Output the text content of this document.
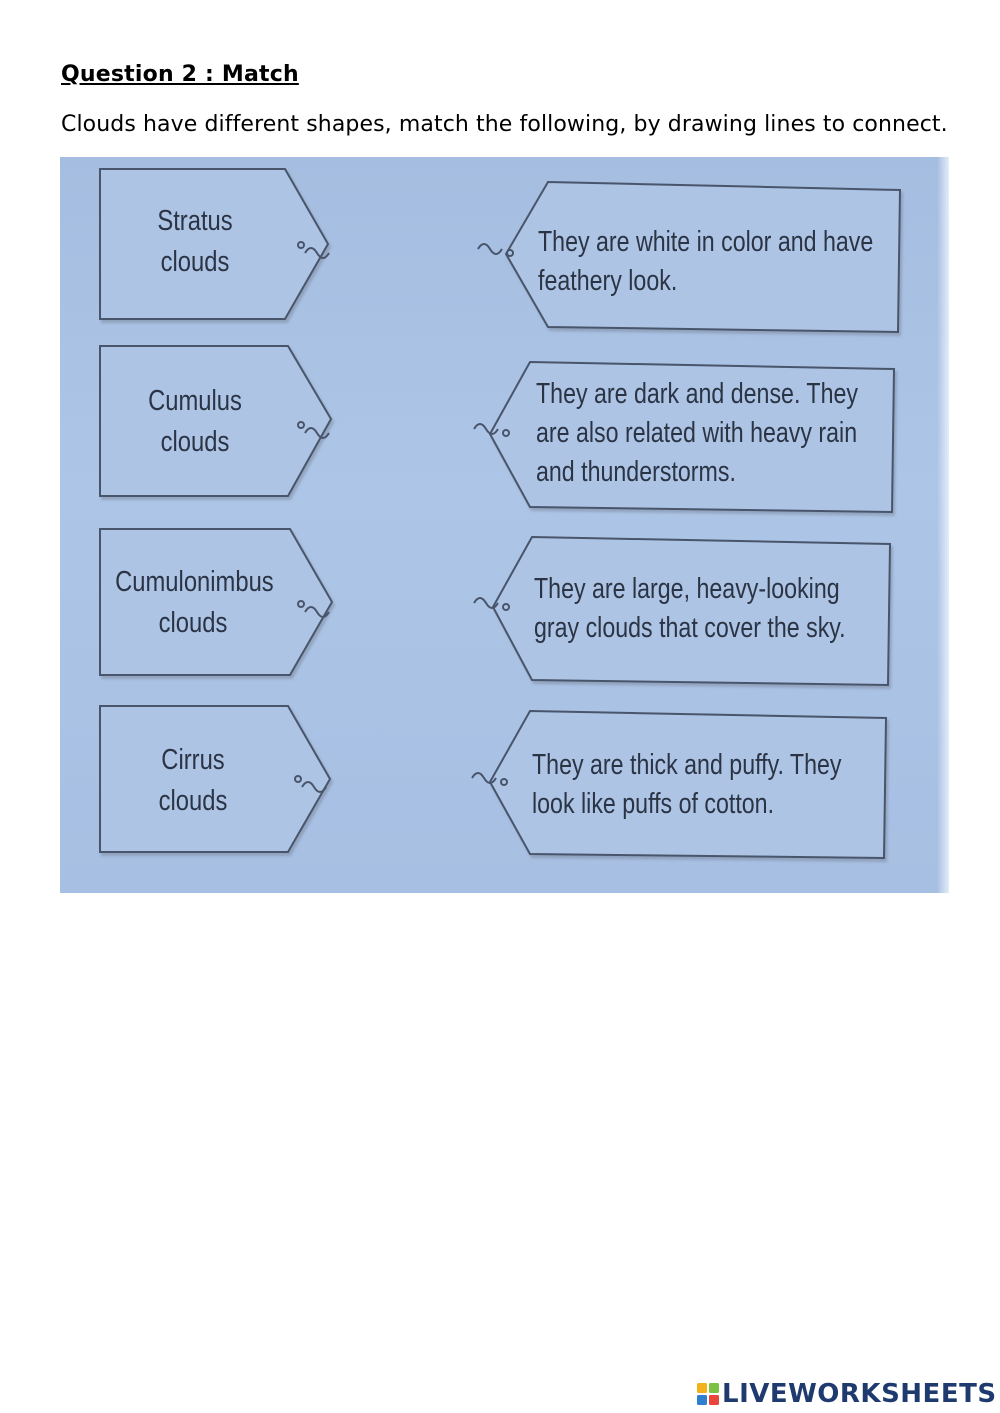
Question 2 : Match
Clouds have different shapes, match the following, by drawing lines to connect.
Stratus
clouds
Cumulus
clouds
Cumulonimbus
clouds
Cirrus
clouds
They are white in color and have
feathery look.
They are dark and dense. They
are also related with heavy rain
and thunderstorms.
They are large, heavy-looking
gray clouds that cover the sky.
They are thick and puffy. They
look like puffs of cotton.
LIVEWORKSHEETS
